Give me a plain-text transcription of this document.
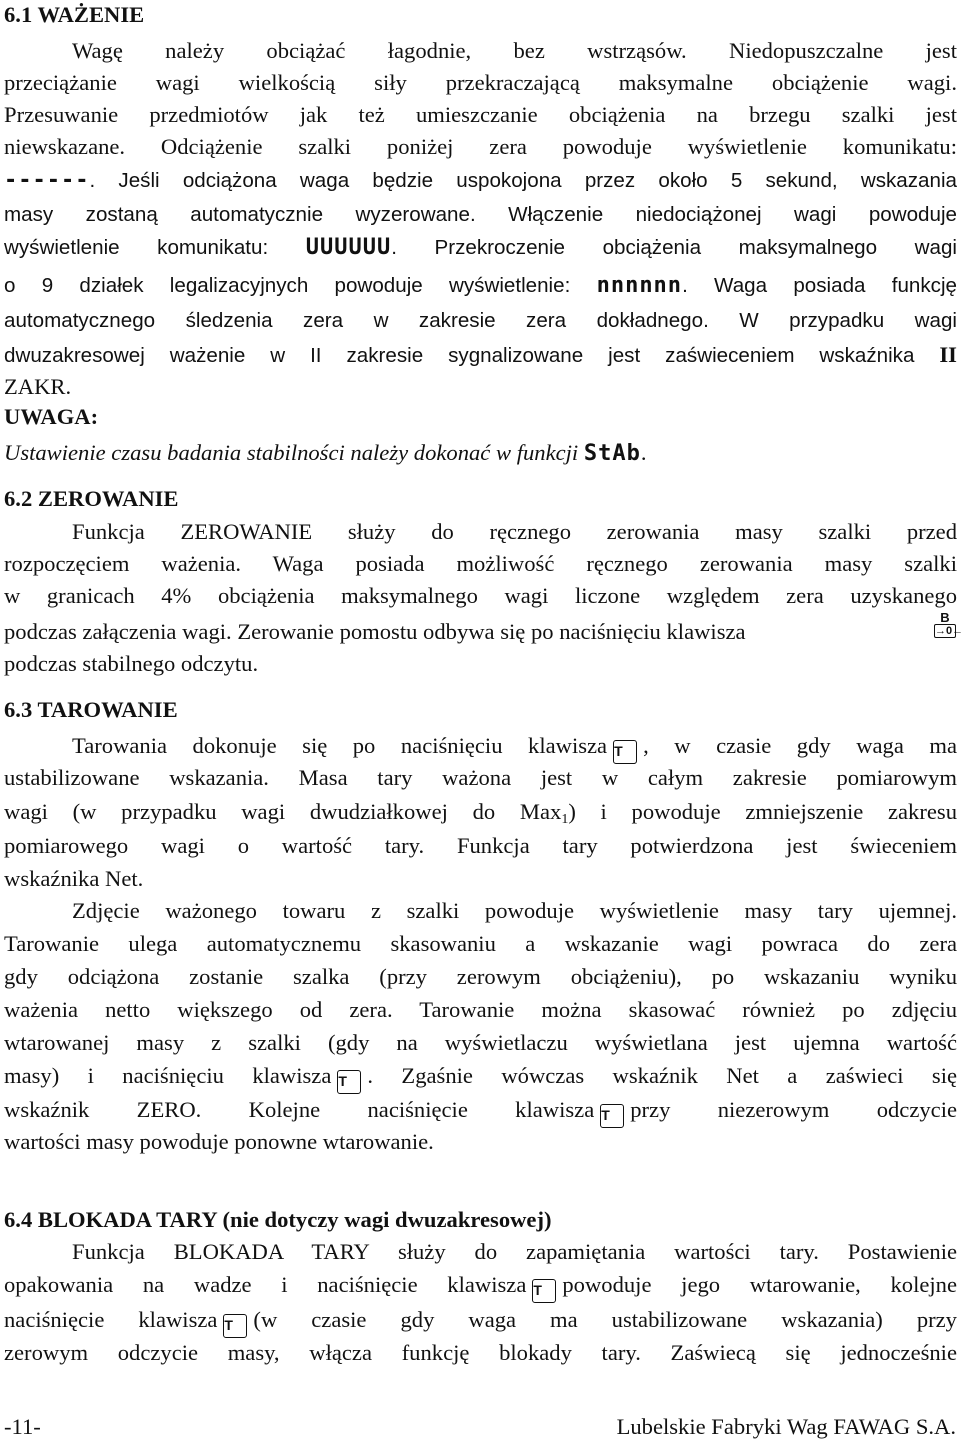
6.1 WAŻENIE
Wagę należy obciążać łagodnie, bez wstrząsów. Niedopuszczalne jest
przeciążanie wagi wielkością siły przekraczającą maksymalne obciążenie wagi.
Przesuwanie przedmiotów jak też umieszczanie obciążenia na brzegu szalki jest
niewskazane. Odciążenie szalki poniżej zera powoduje wyświetlenie komunikatu:
------. Jeśli odciążona waga będzie uspokojona przez około 5 sekund, wskazania
masy zostaną automatycznie wyzerowane. Włączenie niedociążonej wagi powoduje
wyświetlenie komunikatu: UUUUUU. Przekroczenie obciążenia maksymalnego wagi
o 9 działek legalizacyjnych powoduje wyświetlenie: nnnnnn. Waga posiada funkcję
automatycznego śledzenia zera w zakresie zera dokładnego. W przypadku wagi
dwuzakresowej ważenie w II zakresie sygnalizowane jest zaświeceniem wskaźnika II
ZAKR.
UWAGA:
Ustawienie czasu badania stabilności należy dokonać w funkcji StAb.
6.2 ZEROWANIE
Funkcja ZEROWANIE służy do ręcznego zerowania masy szalki przed
rozpoczęciem ważenia. Waga posiada możliwość ręcznego zerowania masy szalki
w granicach 4% obciążenia maksymalnego wagi liczone względem zera uzyskanego
podczas załączenia wagi. Zerowanie pomostu odbywa się po naciśnięciu klawisza
B
→0←
podczas stabilnego odczytu.
6.3 TAROWANIE
Tarowania dokonuje się po naciśnięciu klawisza T , w czasie gdy waga ma
ustabilizowane wskazania. Masa tary ważona jest w całym zakresie pomiarowym
wagi (w przypadku wagi dwudziałkowej do Max$_1$) i powoduje zmniejszenie zakresu
pomiarowego wagi o wartość tary. Funkcja tary potwierdzona jest świeceniem
wskaźnika Net.
Zdjęcie ważonego towaru z szalki powoduje wyświetlenie masy tary ujemnej.
Tarowanie ulega automatycznemu skasowaniu a wskazanie wagi powraca do zera
gdy odciążona zostanie szalka (przy zerowym obciążeniu), po wskazaniu wyniku
ważenia netto większego od zera. Tarowanie można skasować również po zdjęciu
wtarowanej masy z szalki (gdy na wyświetlaczu wyświetlana jest ujemna wartość
masy) i naciśnięciu klawisza T . Zgaśnie wówczas wskaźnik Net a zaświeci się
wskaźnik ZERO. Kolejne naciśnięcie klawisza T przy niezerowym odczycie
wartości masy powoduje ponowne wtarowanie.
6.4 BLOKADA TARY (nie dotyczy wagi dwuzakresowej)
Funkcja BLOKADA TARY służy do zapamiętania wartości tary. Postawienie
opakowania na wadze i naciśnięcie klawisza T powoduje jego wtarowanie, kolejne
naciśnięcie klawisza T (w czasie gdy waga ma ustabilizowane wskazania) przy
zerowym odczycie masy, włącza funkcję blokady tary. Zaświecą się jednocześnie
-11-	Lubelskie Fabryki Wag FAWAG S.A.
